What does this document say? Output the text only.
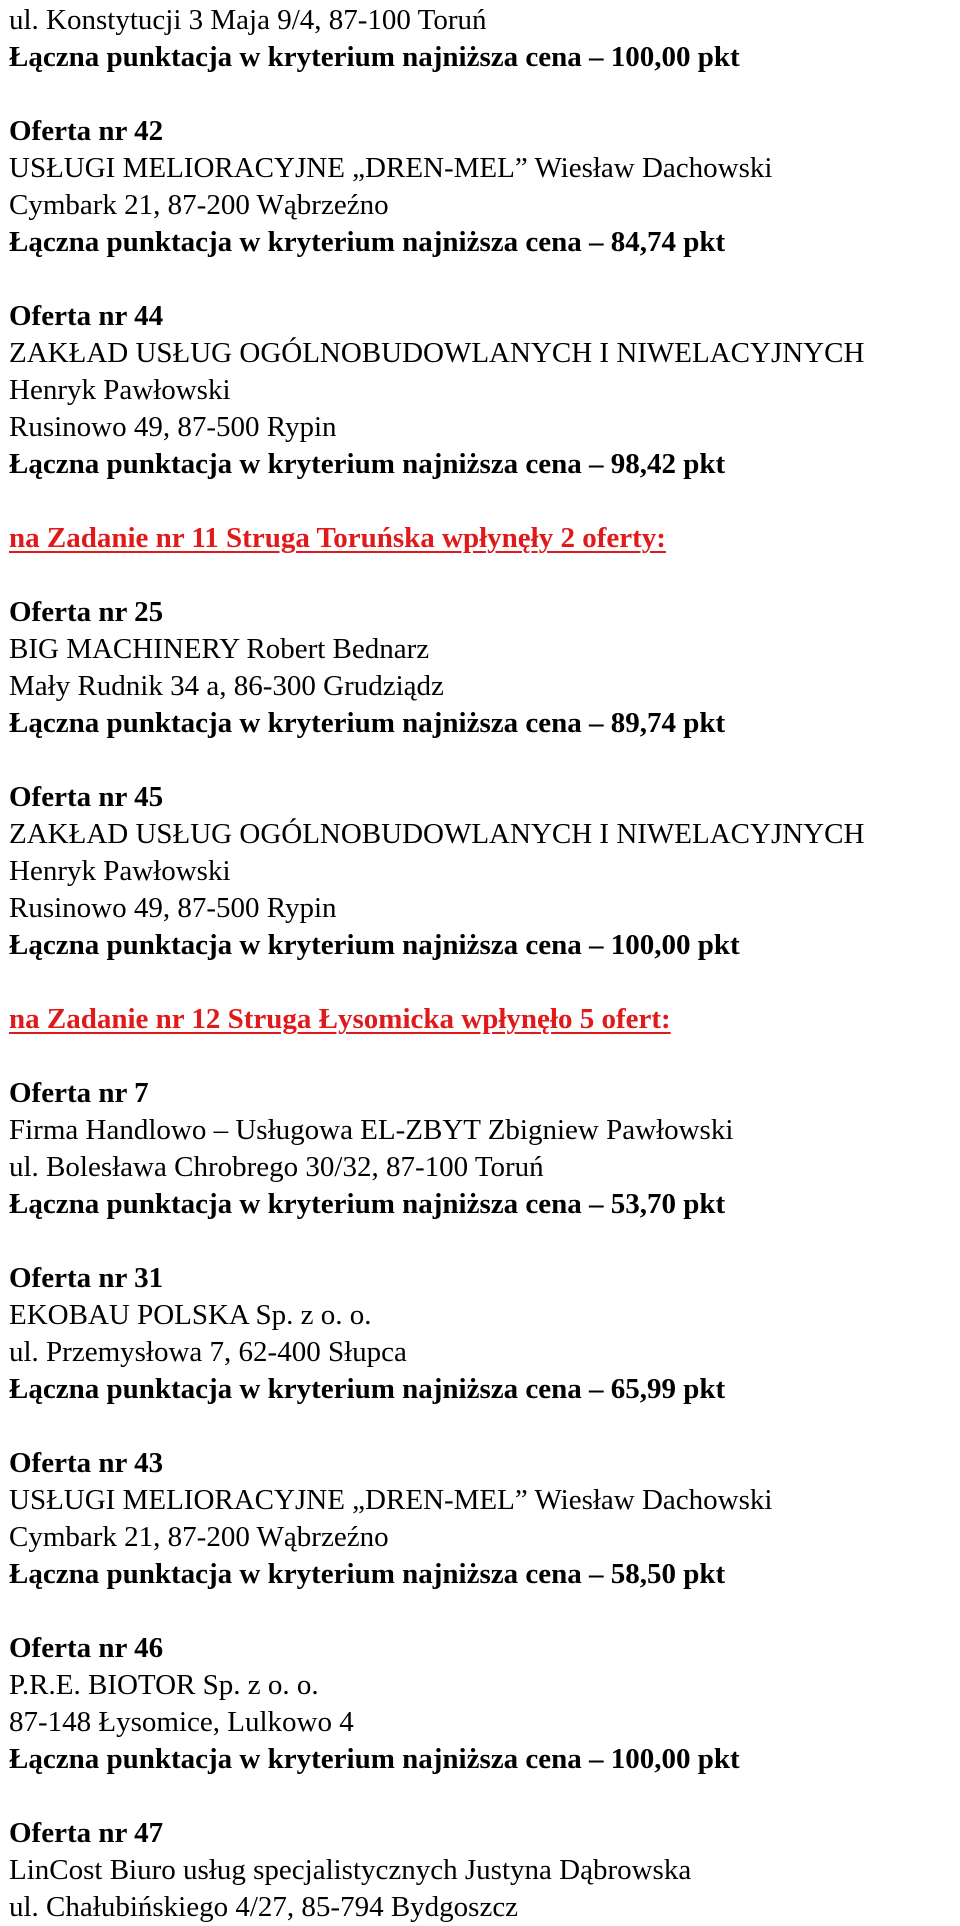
ul. Konstytucji 3 Maja 9/4, 87-100 Toruń
Łączna punktacja w kryterium najniższa cena – 100,00 pkt
Oferta nr 42
USŁUGI MELIORACYJNE „DREN-MEL” Wiesław Dachowski
Cymbark 21, 87-200 Wąbrzeźno
Łączna punktacja w kryterium najniższa cena – 84,74 pkt
Oferta nr 44
ZAKŁAD USŁUG OGÓLNOBUDOWLANYCH I NIWELACYJNYCH
Henryk Pawłowski
Rusinowo 49, 87-500 Rypin
Łączna punktacja w kryterium najniższa cena – 98,42 pkt
na Zadanie nr 11 Struga Toruńska wpłynęły 2 oferty:
Oferta nr 25
BIG MACHINERY Robert Bednarz
Mały Rudnik 34 a, 86-300 Grudziądz
Łączna punktacja w kryterium najniższa cena – 89,74 pkt
Oferta nr 45
ZAKŁAD USŁUG OGÓLNOBUDOWLANYCH I NIWELACYJNYCH
Henryk Pawłowski
Rusinowo 49, 87-500 Rypin
Łączna punktacja w kryterium najniższa cena – 100,00 pkt
na Zadanie nr 12 Struga Łysomicka wpłynęło 5 ofert:
Oferta nr 7
Firma Handlowo – Usługowa EL-ZBYT Zbigniew Pawłowski
ul. Bolesława Chrobrego 30/32, 87-100 Toruń
Łączna punktacja w kryterium najniższa cena – 53,70 pkt
Oferta nr 31
EKOBAU POLSKA Sp. z o. o.
ul. Przemysłowa 7, 62-400 Słupca
Łączna punktacja w kryterium najniższa cena – 65,99 pkt
Oferta nr 43
USŁUGI MELIORACYJNE „DREN-MEL” Wiesław Dachowski
Cymbark 21, 87-200 Wąbrzeźno
Łączna punktacja w kryterium najniższa cena – 58,50 pkt
Oferta nr 46
P.R.E. BIOTOR Sp. z o. o.
87-148 Łysomice, Lulkowo 4
Łączna punktacja w kryterium najniższa cena – 100,00 pkt
Oferta nr 47
LinCost Biuro usług specjalistycznych Justyna Dąbrowska
ul. Chałubińskiego 4/27, 85-794 Bydgoszcz
